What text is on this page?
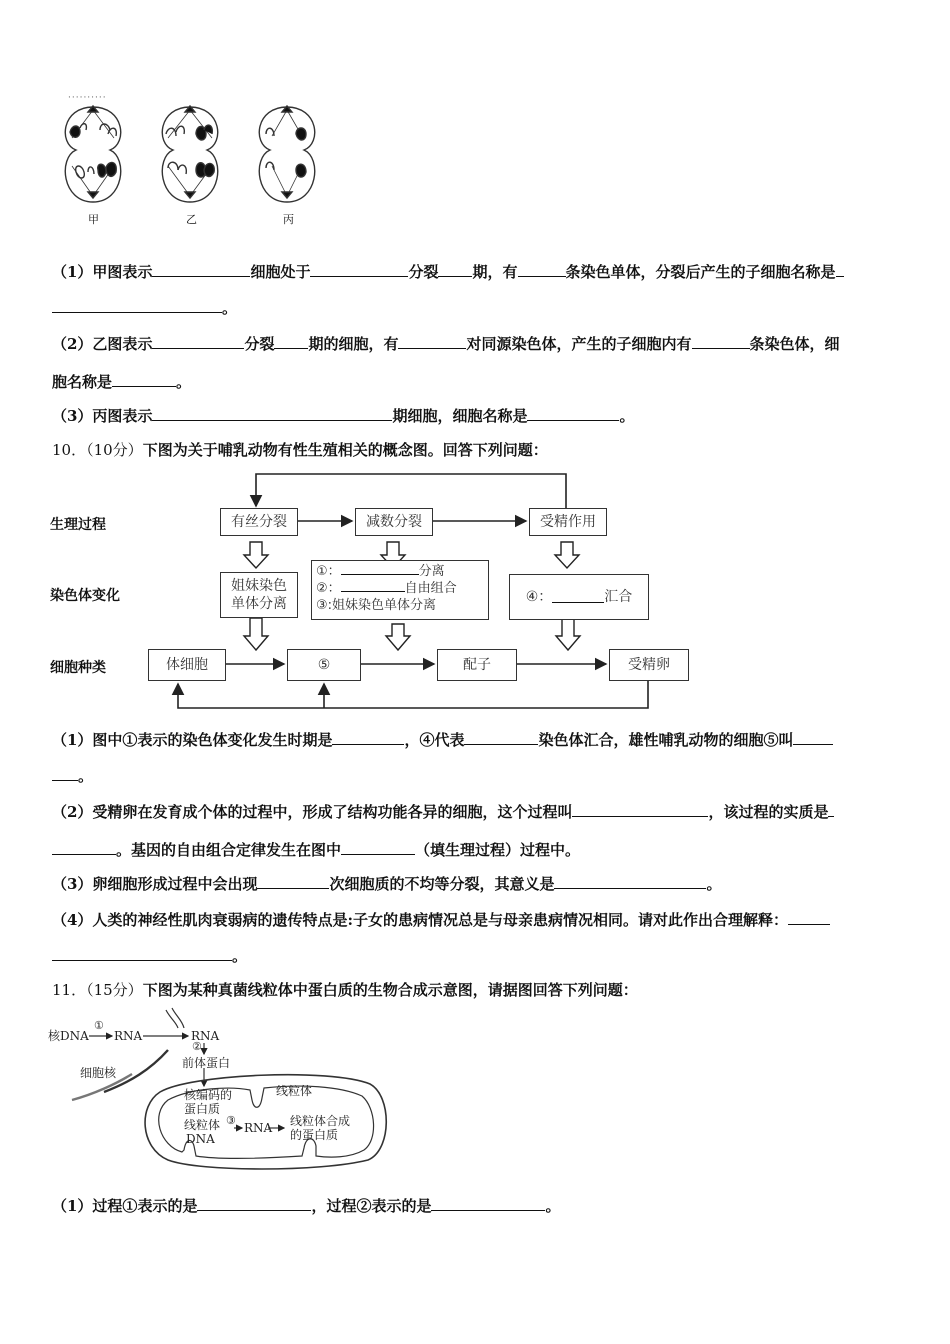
··········
甲	乙	丙
（1）甲图表示	细胞处于	分裂 期，有	条染色单体，分裂后产生的子细胞名称是
。
（2）乙图表示	分裂 期的细胞，有	对同源染色体，产生的子细胞内有	条染色体，细
胞名称是	。
（3）丙图表示	期细胞，细胞名称是	。
10．（10分）下图为关于哺乳动物有性生殖相关的概念图。回答下列问题：
生理过程
染色体变化
细胞种类
有丝分裂	减数分裂	受精作用
姐妹染色
单体分离
①：	分离
②：	自由组合
③:姐妹染色单体分离
④：	汇合
体细胞	⑤	配子	受精卵
（1）图中①表示的染色体变化发生时期是	，④代表	染色体汇合，雄性哺乳动物的细胞⑤叫
。
（2）受精卵在发育成个体的过程中，形成了结构功能各异的细胞，这个过程叫	，该过程的实质是
。基因的自由组合定律发生在图中	（填生理过程）过程中。
（3）卵细胞形成过程中会出现	次细胞质的不均等分裂，其意义是	。
（4）人类的神经性肌肉衰弱病的遗传特点是:子女的患病情况总是与母亲患病情况相同。请对此作出合理解释：
。
11．（15分）下图为某种真菌线粒体中蛋白质的生物合成示意图，请据图回答下列问题：
核DNA
①
RNA	RNA
②
前体蛋白
细胞核
线粒体
核编码的
蛋白质
线粒体
DNA
③
RNA 线粒体合成
的蛋白质
（1）过程①表示的是	，过程②表示的是	。
